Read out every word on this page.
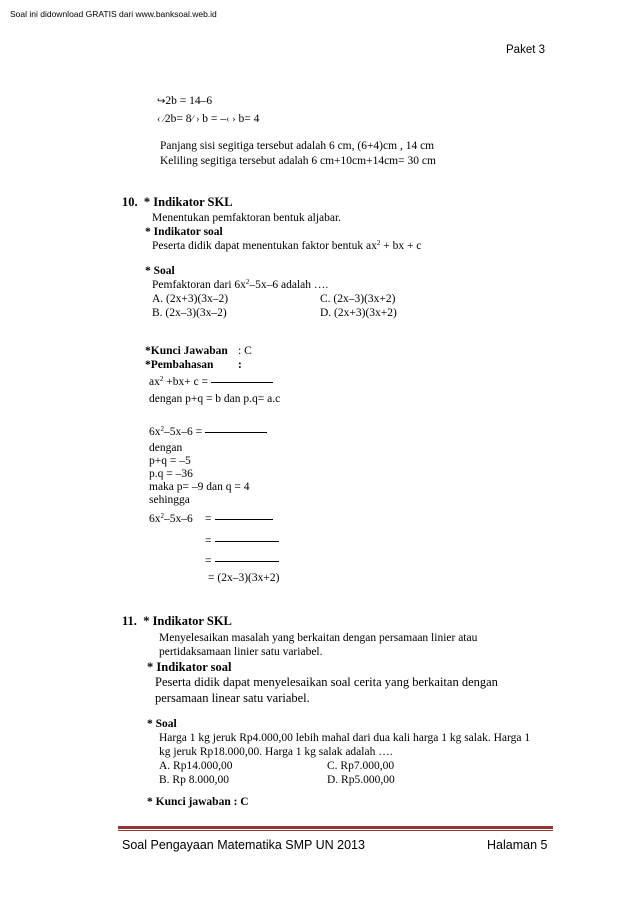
Soal ini didownload GRATIS dari www.banksoal.web.id
Paket 3
↪2b = 14–6
‹ ∕2b= 8∕ › b = –‹ › b= 4
Panjang sisi segitiga tersebut adalah 6 cm, (6+4)cm , 14 cm
Keliling segitiga tersebut adalah 6 cm+10cm+14cm= 30 cm
10. * Indikator SKL
Menentukan pemfaktoran bentuk aljabar.
* Indikator soal
Peserta didik dapat menentukan faktor bentuk $ax^2$ + bx + c
* Soal
Pemfaktoran dari $6x^2-5x-6$ adalah ….
A. (2x+3)(3x–2)	C. (2x–3)(3x+2)
B. (2x–3)(3x–2)	D. (2x+3)(3x+2)
*Kunci Jawaban : C
*Pembahasan :
$ax^2 +bx+ c$ =
dengan p+q = b dan p.q= a.c
$6x^2-5x-6$ =
dengan
p+q = –5
p.q = –36
maka p= –9 dan q = 4
sehingga
$6x^2-5x-6$ =
=
=
= (2x–3)(3x+2)
11. * Indikator SKL
Menyelesaikan masalah yang berkaitan dengan persamaan linier atau
pertidaksamaan linier satu variabel.
* Indikator soal
Peserta didik dapat menyelesaikan soal cerita yang berkaitan dengan
persamaan linear satu variabel.
* Soal
Harga 1 kg jeruk Rp4.000,00 lebih mahal dari dua kali harga 1 kg salak. Harga 1
kg jeruk Rp18.000,00. Harga 1 kg salak adalah ….
A. Rp14.000,00	C. Rp7.000,00
B. Rp 8.000,00	D. Rp5.000,00
* Kunci jawaban : C
Soal Pengayaan Matematika SMP UN 2013	Halaman 5
